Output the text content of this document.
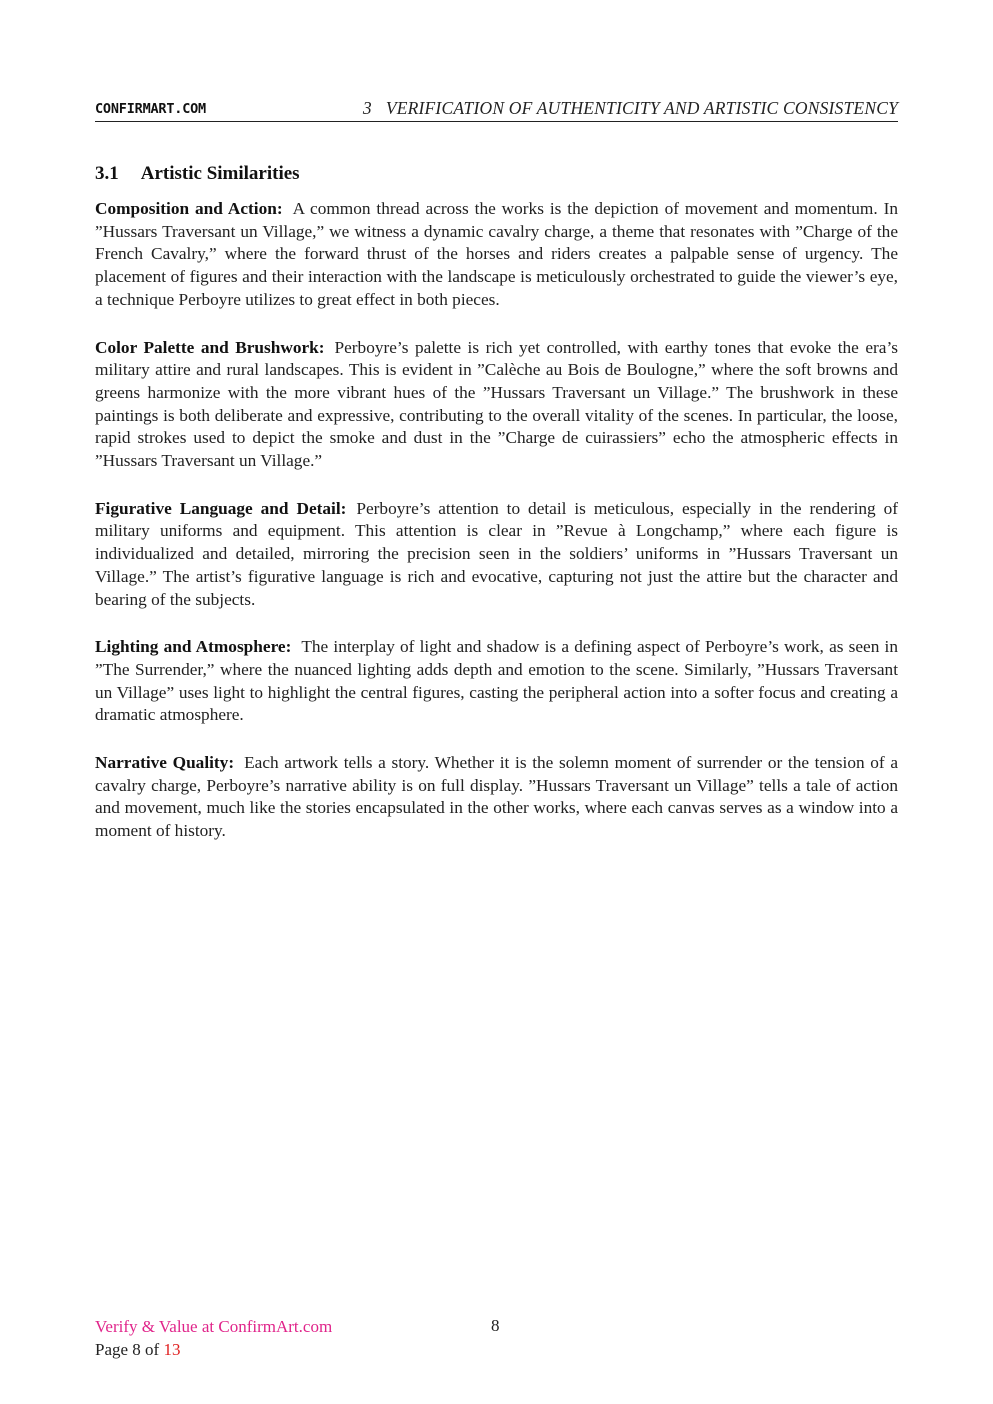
CONFIRMART.COM	3 VERIFICATION OF AUTHENTICITY AND ARTISTIC CONSISTENCY
3.1 Artistic Similarities

Composition and Action: A common thread across the works is the depiction of movement and momentum. In ”Hussars Traversant un Village,” we witness a dynamic cavalry charge, a theme that resonates with ”Charge of the French Cavalry,” where the forward thrust of the horses and riders creates a palpable sense of urgency. The placement of figures and their interaction with the landscape is meticulously orchestrated to guide the viewer’s eye, a technique Perboyre utilizes to great effect in both pieces.

Color Palette and Brushwork: Perboyre’s palette is rich yet controlled, with earthy tones that evoke the era’s military attire and rural landscapes. This is evident in ”Calèche au Bois de Boulogne,” where the soft browns and greens harmonize with the more vibrant hues of the ”Hussars Traversant un Village.” The brushwork in these paintings is both deliberate and expressive, contributing to the overall vitality of the scenes. In particular, the loose, rapid strokes used to depict the smoke and dust in the ”Charge de cuirassiers” echo the atmospheric effects in ”Hussars Traversant un Village.”

Figurative Language and Detail: Perboyre’s attention to detail is meticulous, especially in the rendering of military uniforms and equipment. This attention is clear in ”Revue à Longchamp,” where each figure is individualized and detailed, mirroring the precision seen in the soldiers’ uniforms in ”Hussars Traversant un Village.” The artist’s figurative language is rich and evocative, capturing not just the attire but the character and bearing of the subjects.

Lighting and Atmosphere: The interplay of light and shadow is a defining aspect of Perboyre’s work, as seen in ”The Surrender,” where the nuanced lighting adds depth and emotion to the scene. Similarly, ”Hussars Traversant un Village” uses light to highlight the central figures, casting the peripheral action into a softer focus and creating a dramatic atmosphere.

Narrative Quality: Each artwork tells a story. Whether it is the solemn moment of surrender or the tension of a cavalry charge, Perboyre’s narrative ability is on full display. ”Hussars Traversant un Village” tells a tale of action and movement, much like the stories encapsulated in the other works, where each canvas serves as a window into a moment of history.

Verify & Value at ConfirmArt.com
Page 8 of 13
8
